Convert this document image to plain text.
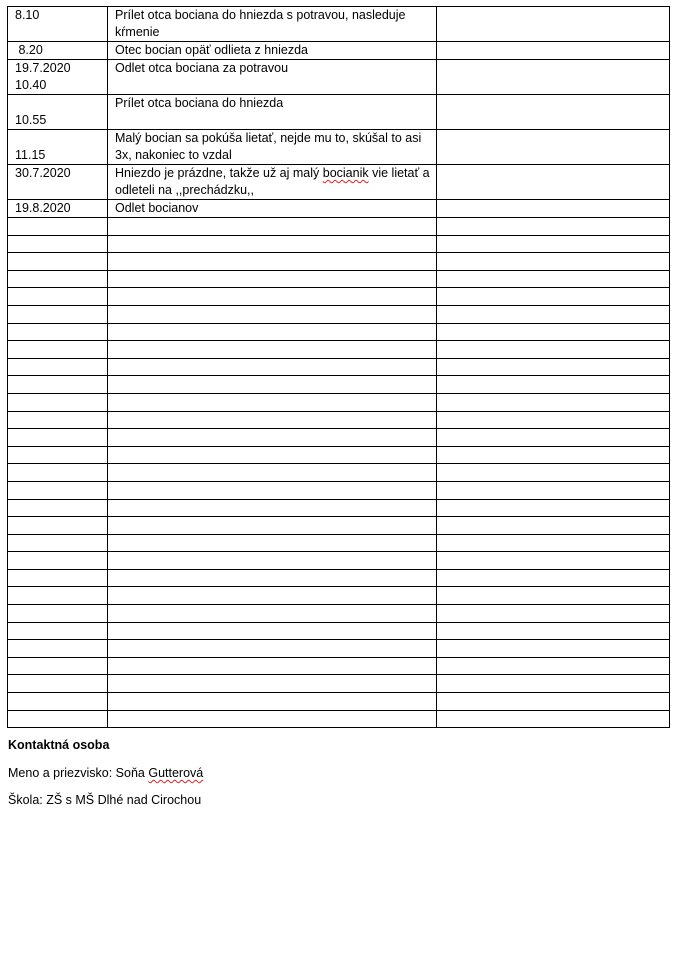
8.10	Prílet otca bociana do hniezda s potravou, nasleduje kŕmenie	
8.20	Otec bocian opäť odlieta z hniezda	

19.7.2020
10.40	Odlet otca bociana za potravou	

10.55	Prílet otca bociana do hniezda	

11.15	Malý bocian sa pokúša lietať, nejde mu to, skúšal to asi 3x, nakoniec to vzdal	
30.7.2020	Hniezdo je prázdne, takže už aj malý bocianik vie lietať a odleteli na ,,prechádzku,,	
19.8.2020	Odlet bocianov	

Kontaktná osoba

Meno a priezvisko: Soňa Gutterová

Škola: ZŠ s MŠ Dlhé nad Cirochou
